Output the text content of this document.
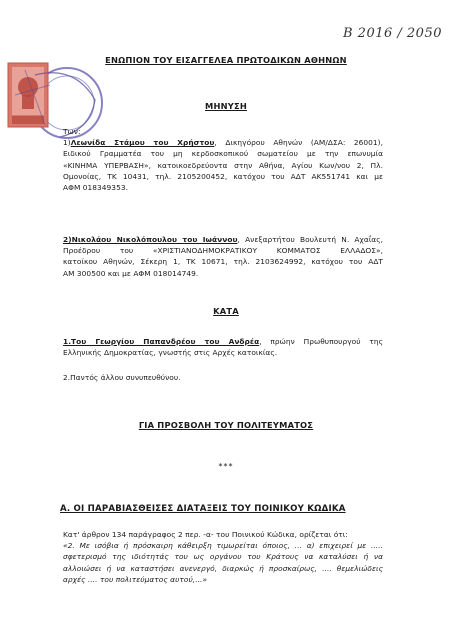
Β 2016 / 2050
ΕΝΩΠΙΟΝ ΤΟΥ ΕΙΣΑΓΓΕΛΕΑ ΠΡΩΤΟΔΙΚΩΝ ΑΘΗΝΩΝ
ΜΗΝΥΣΗ
Των:
1)Λεωνίδα Στάμου του Χρήστου, Δικηγόρου Αθηνών (ΑΜ/ΔΣΑ: 26001),
Ειδικού Γραμματέα του μη κερδοσκοπικού σωματείου με την επωνυμία
«ΚΙΝΗΜΑ ΥΠΕΡΒΑΣΗ», κατοικοεδρεύοντα στην Αθήνα, Αγίου Κων/νου 2, Πλ.
Ομονοίας, ΤΚ 10431, τηλ. 2105200452, κατόχου του ΑΔΤ ΑΚ551741 και με
ΑΦΜ 018349353.
2)Νικολάου Νικολόπουλου του Ιωάννου, Ανεξαρτήτου Βουλευτή Ν. Αχαΐας,
Προέδρου του «ΧΡΙΣΤΙΑΝΟΔΗΜΟΚΡΑΤΙΚΟΥ ΚΟΜΜΑΤΟΣ ΕΛΛΑΔΟΣ»,
κατοίκου Αθηνών, Σέκερη 1, ΤΚ 10671, τηλ. 2103624992, κατόχου του ΑΔΤ
ΑΜ 300500 και με ΑΦΜ 018014749.
ΚΑΤΑ
1.Του Γεωργίου Παπανδρέου του Ανδρέα, πρώην Πρωθυπουργού της
Ελληνικής Δημοκρατίας, γνωστής στις Αρχές κατοικίας.
2.Παντός άλλου συνυπευθύνου.
ΓΙΑ ΠΡΟΣΒΟΛΗ ΤΟΥ ΠΟΛΙΤΕΥΜΑΤΟΣ
***
Α. ΟΙ ΠΑΡΑΒΙΑΣΘΕΙΣΕΣ ΔΙΑΤΑΞΕΙΣ ΤΟΥ ΠΟΙΝΙΚΟΥ ΚΩΔΙΚΑ
Κατ' άρθρον 134 παράγραφος 2 περ. -α- του Ποινικού Κώδικα, ορίζεται ότι:
«2. Με ισόβια ή πρόσκαιρη κάθειρξη τιμωρείται όποιος, ... α) επιχειρεί με .....
σφετερισμό της ιδιότητάς του ως οργάνου του Κράτους να καταλύσει ή να
αλλοιώσει ή να καταστήσει ανενεργό, διαρκώς ή προσκαίρως, .... θεμελιώδεις
αρχές .... του πολιτεύματος αυτού,...»
